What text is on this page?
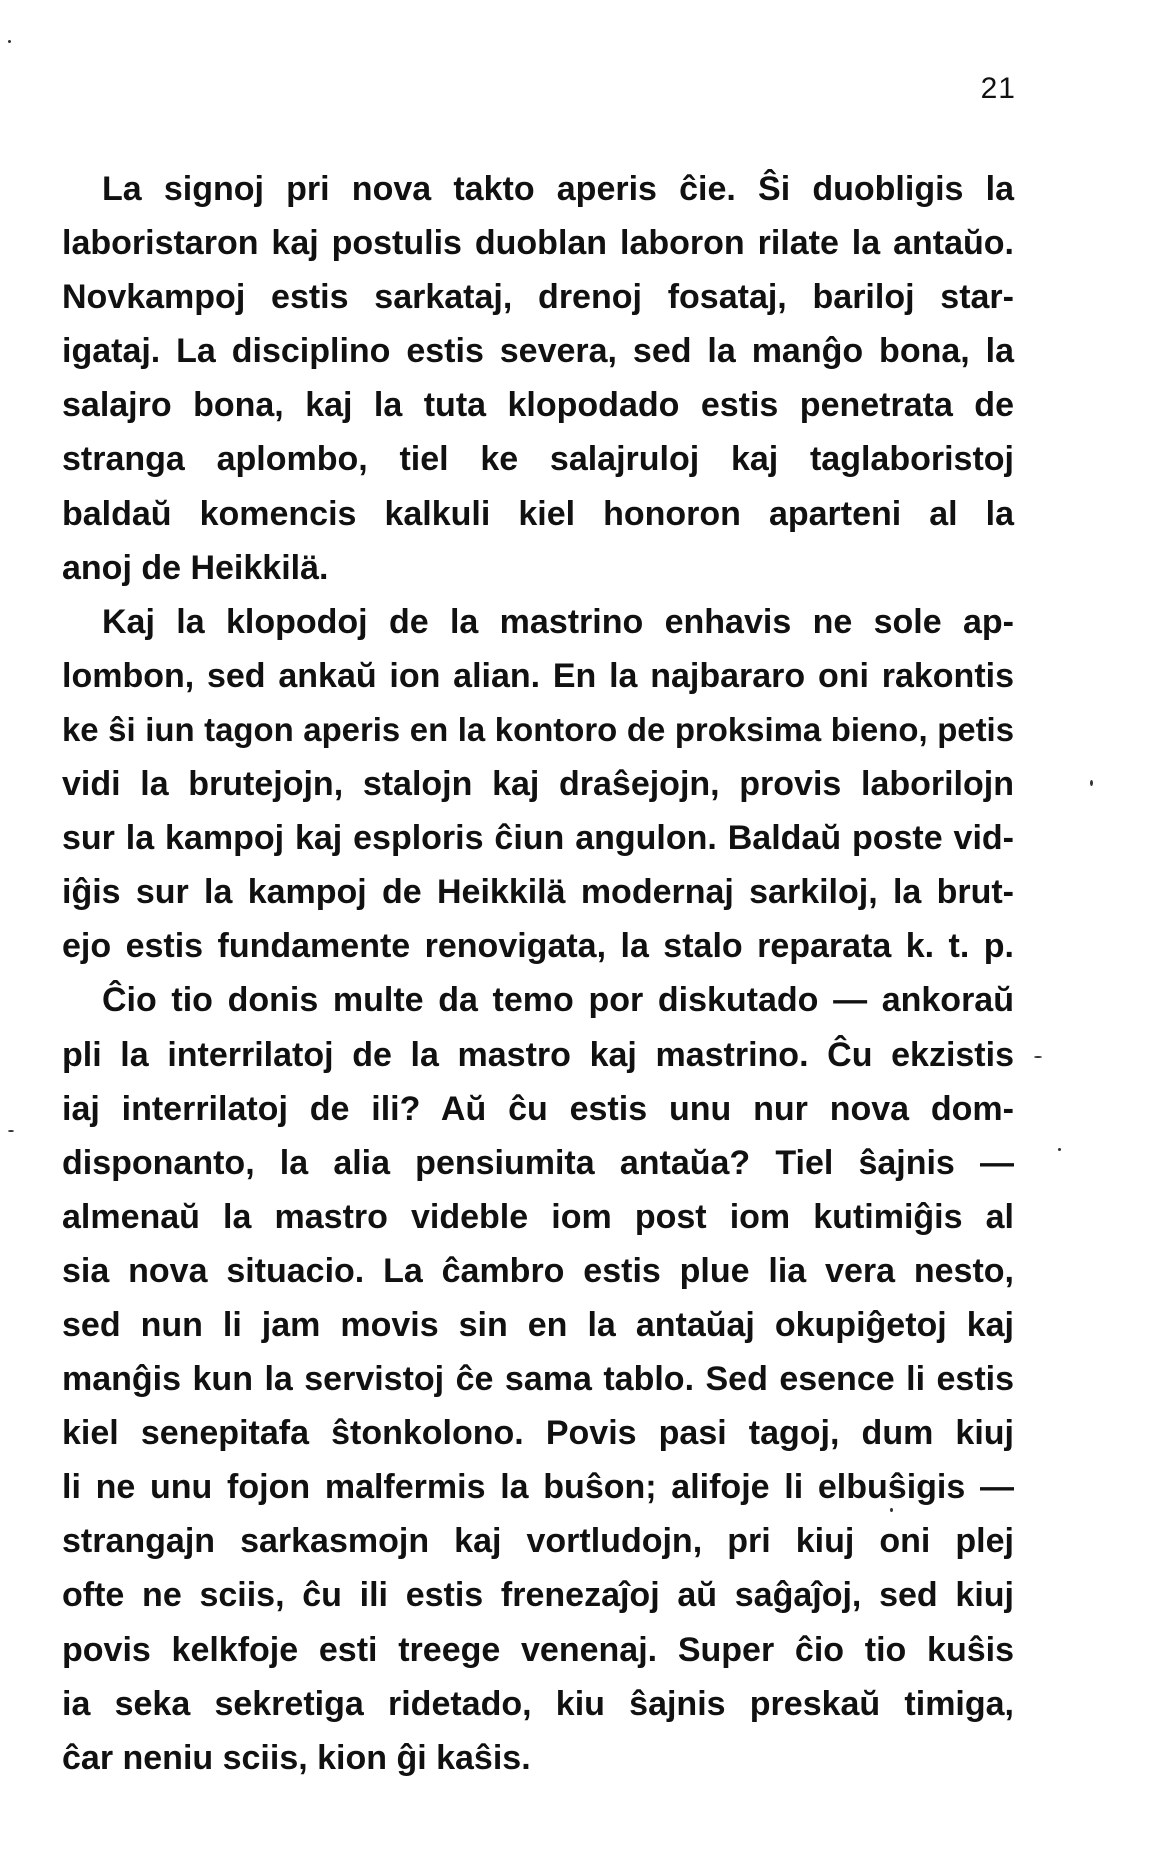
21
La signoj pri nova takto aperis ĉie. Ŝi duobligis la
laboristaron kaj postulis duoblan laboron rilate la antaŭo.
Novkampoj estis sarkataj, drenoj fosataj, bariloj star-
igataj. La disciplino estis severa, sed la manĝo bona, la
salajro bona, kaj la tuta klopodado estis penetrata de
stranga aplombo, tiel ke salajruloj kaj taglaboristoj
baldaŭ komencis kalkuli kiel honoron aparteni al la
anoj de Heikkilä.
Kaj la klopodoj de la mastrino enhavis ne sole ap-
lombon, sed ankaŭ ion alian. En la najbararo oni rakontis
ke ŝi iun tagon aperis en la kontoro de proksima bieno, petis
vidi la brutejojn, stalojn kaj draŝejojn, provis laborilojn
sur la kampoj kaj esploris ĉiun angulon. Baldaŭ poste vid-
iĝis sur la kampoj de Heikkilä modernaj sarkiloj, la brut-
ejo estis fundamente renovigata, la stalo reparata k. t. p.
Ĉio tio donis multe da temo por diskutado — ankoraŭ
pli la interrilatoj de la mastro kaj mastrino. Ĉu ekzistis
iaj interrilatoj de ili? Aŭ ĉu estis unu nur nova dom-
disponanto, la alia pensiumita antaŭa? Tiel ŝajnis —
almenaŭ la mastro videble iom post iom kutimiĝis al
sia nova situacio. La ĉambro estis plue lia vera nesto,
sed nun li jam movis sin en la antaŭaj okupiĝetoj kaj
manĝis kun la servistoj ĉe sama tablo. Sed esence li estis
kiel senepitafa ŝtonkolono. Povis pasi tagoj, dum kiuj
li ne unu fojon malfermis la buŝon; alifoje li elbuŝigis —
strangajn sarkasmojn kaj vortludojn, pri kiuj oni plej
ofte ne sciis, ĉu ili estis frenezaĵoj aŭ saĝaĵoj, sed kiuj
povis kelkfoje esti treege venenaj. Super ĉio tio kuŝis
ia seka sekretiga ridetado, kiu ŝajnis preskaŭ timiga,
ĉar neniu sciis, kion ĝi kaŝis.
